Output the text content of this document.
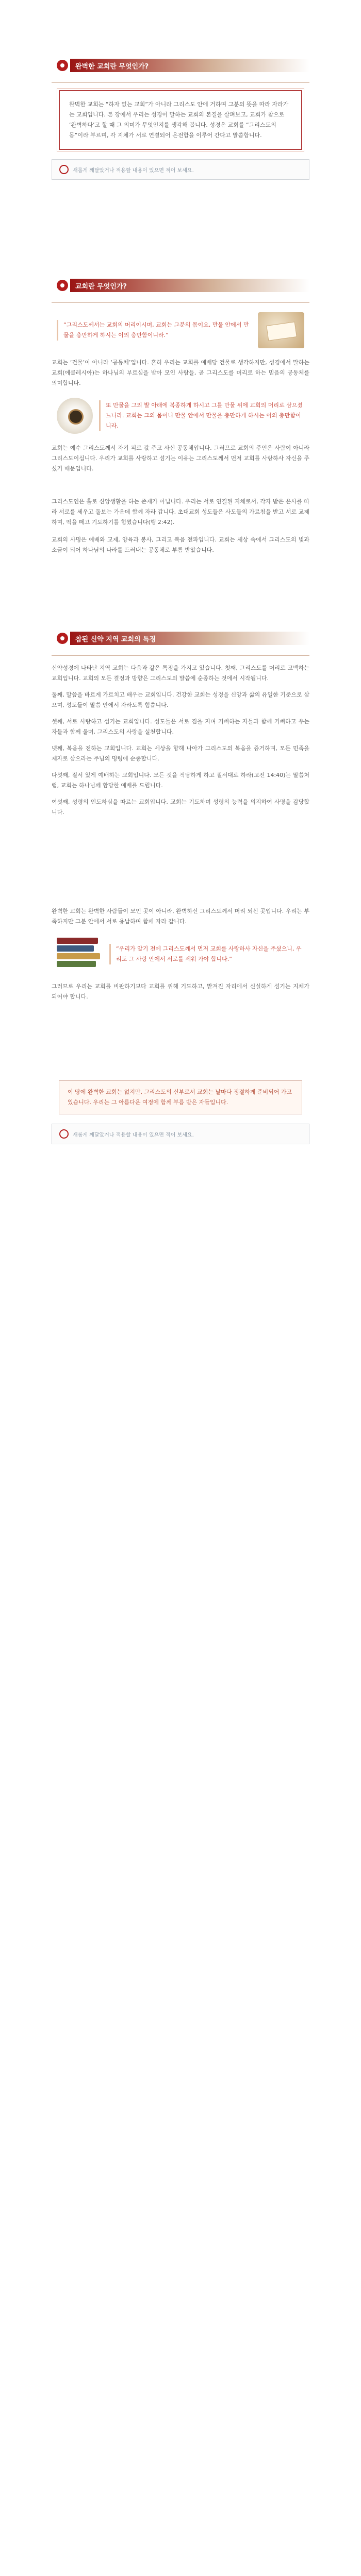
완벽한 교회란 무엇인가?
완벽한 교회는 “하자 없는 교회”가 아니라 그리스도 안에 거하며 그분의 뜻을 따라 자라가는 교회입니다. 본 장에서 우리는 성경이 말하는 교회의 본질을 살펴보고, 교회가 참으로 ‘완벽하다’고 할 때 그 의미가 무엇인지를 생각해 봅니다. 성경은 교회를 “그리스도의 몸”이라 부르며, 각 지체가 서로 연결되어 온전함을 이루어 간다고 말씀합니다.
새롭게 깨달았거나 적용할 내용이 있으면 적어 보세요.
교회란 무엇인가?
“그리스도께서는 교회의 머리이시며, 교회는 그분의 몸이요, 만물 안에서 만물을 충만하게 하시는 이의 충만함이니라.”

교회는 ‘건물’이 아니라 ‘공동체’입니다. 흔히 우리는 교회를 예배당 건물로 생각하지만, 성경에서 말하는 교회(에클레시아)는 하나님의 부르심을 받아 모인 사람들, 곧 그리스도를 머리로 하는 믿음의 공동체를 의미합니다.

또 만물을 그의 발 아래에 복종하게 하시고 그를 만물 위에 교회의 머리로 삼으셨느니라. 교회는 그의 몸이니 만물 안에서 만물을 충만하게 하시는 이의 충만함이니라.

교회는 예수 그리스도께서 자기 피로 값 주고 사신 공동체입니다. 그러므로 교회의 주인은 사람이 아니라 그리스도이십니다. 우리가 교회를 사랑하고 섬기는 이유는 그리스도께서 먼저 교회를 사랑하사 자신을 주셨기 때문입니다.

그리스도인은 홀로 신앙생활을 하는 존재가 아닙니다. 우리는 서로 연결된 지체로서, 각자 받은 은사를 따라 서로를 세우고 돌보는 가운데 함께 자라 갑니다. 초대교회 성도들은 사도들의 가르침을 받고 서로 교제하며, 떡을 떼고 기도하기를 힘썼습니다(행 2:42).

교회의 사명은 예배와 교제, 양육과 봉사, 그리고 복음 전파입니다. 교회는 세상 속에서 그리스도의 빛과 소금이 되어 하나님의 나라를 드러내는 공동체로 부름 받았습니다.

참된 신약 지역 교회의 특징

신약성경에 나타난 지역 교회는 다음과 같은 특징을 가지고 있습니다. 첫째, 그리스도를 머리로 고백하는 교회입니다. 교회의 모든 결정과 방향은 그리스도의 말씀에 순종하는 것에서 시작됩니다.

둘째, 말씀을 바르게 가르치고 배우는 교회입니다. 건강한 교회는 성경을 신앙과 삶의 유일한 기준으로 삼으며, 성도들이 말씀 안에서 자라도록 힘씁니다.

셋째, 서로 사랑하고 섬기는 교회입니다. 성도들은 서로 짐을 지며 기뻐하는 자들과 함께 기뻐하고 우는 자들과 함께 울며, 그리스도의 사랑을 실천합니다.

넷째, 복음을 전하는 교회입니다. 교회는 세상을 향해 나아가 그리스도의 복음을 증거하며, 모든 민족을 제자로 삼으라는 주님의 명령에 순종합니다.

다섯째, 질서 있게 예배하는 교회입니다. 모든 것을 적당하게 하고 질서대로 하라(고전 14:40)는 말씀처럼, 교회는 하나님께 합당한 예배를 드립니다.

여섯째, 성령의 인도하심을 따르는 교회입니다. 교회는 기도하며 성령의 능력을 의지하여 사명을 감당합니다.

완벽한 교회는 완벽한 사람들이 모인 곳이 아니라, 완벽하신 그리스도께서 머리 되신 곳입니다. 우리는 부족하지만 그분 안에서 서로 용납하며 함께 자라 갑니다.

“우리가 알기 전에 그리스도께서 먼저 교회를 사랑하사 자신을 주셨으니, 우리도 그 사랑 안에서 서로를 세워 가야 합니다.”

그러므로 우리는 교회를 비판하기보다 교회를 위해 기도하고, 맡겨진 자리에서 신실하게 섬기는 지체가 되어야 합니다.

이 땅에 완벽한 교회는 없지만, 그리스도의 신부로서 교회는 날마다 정결하게 준비되어 가고 있습니다. 우리는 그 아름다운 여정에 함께 부름 받은 자들입니다.
새롭게 깨달았거나 적용할 내용이 있으면 적어 보세요.
